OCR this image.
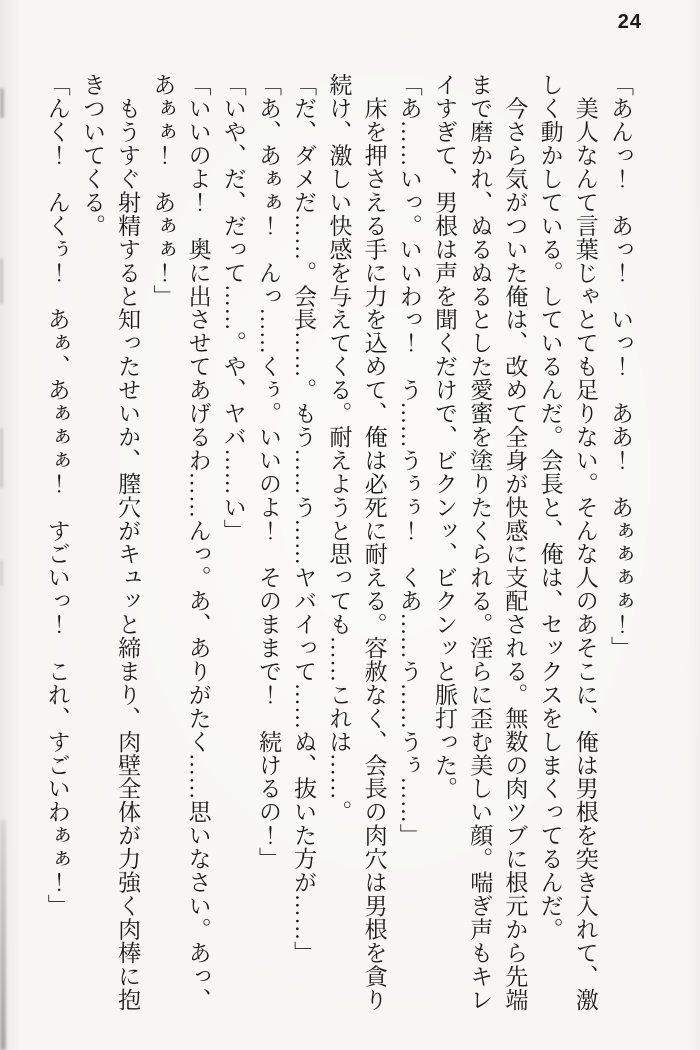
24
「あんっ！　あっ！　いっ！　ああ！　あぁぁぁぁ！」
　美人なんて言葉じゃとても足りない。そんな人のあそこに、俺は男根を突き入れて、激
しく動かしている。しているんだ。会長と、俺は、セックスをしまくってるんだ。
　今さら気がついた俺は、改めて全身が快感に支配される。無数の肉ツブに根元から先端
まで磨かれ、ぬるぬるとした愛蜜を塗りたくられる。淫らに歪む美しい顔。喘ぎ声もキレ
イすぎて、男根は声を聞くだけで、ビクンッ、ビクンッと脈打った。
「あ……いっ。いいわっ！　う……うぅぅ！　くあ……う……うぅ……」
　床を押さえる手に力を込めて、俺は必死に耐える。容赦なく、会長の肉穴は男根を貪り
続け、激しい快感を与えてくる。耐えようと思っても……これは……。
「だ、ダメだ……。会長……。もう……う……ヤバイって……ぬ、抜いた方が……」
「あ、あぁぁ！　んっ……くぅ。いいのよ！　そのままで！　続けるの！」
「いや、だ、だって……。や、ヤバ……い」
「いいのよ！　奥に出させてあげるわ……んっ。あ、ありがたく……思いなさい。あっ、
あぁぁ！　あぁぁ！」
　もうすぐ射精すると知ったせいか、膣穴がキュッと締まり、肉壁全体が力強く肉棒に抱
きついてくる。
「んく！　んくぅ！　あぁ、あぁぁぁ！　すごいっ！　これ、すごいわぁぁ！」
